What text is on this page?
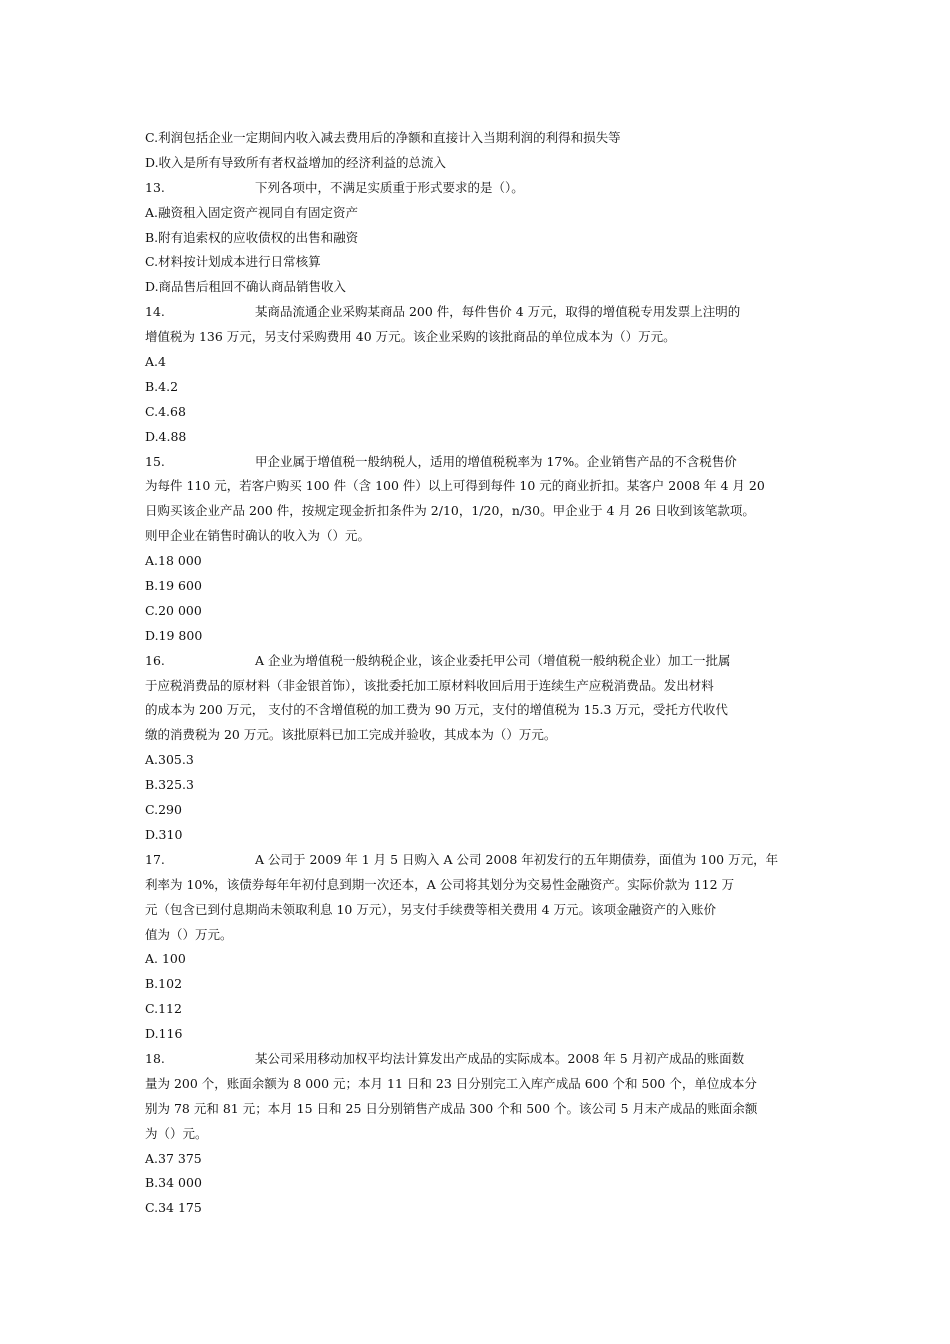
C.利润包括企业一定期间内收入减去费用后的净额和直接计入当期利润的利得和损失等
D.收入是所有导致所有者权益增加的经济利益的总流入
13.	下列各项中，不满足实质重于形式要求的是（）。
A.融资租入固定资产视同自有固定资产
B.附有追索权的应收债权的出售和融资
C.材料按计划成本进行日常核算
D.商品售后租回不确认商品销售收入
14.	某商品流通企业采购某商品 200 件，每件售价 4 万元，取得的增值税专用发票上注明的
增值税为 136 万元，另支付采购费用 40 万元。该企业采购的该批商品的单位成本为（）万元。
A.4
B.4.2
C.4.68
D.4.88
15.	甲企业属于增值税一般纳税人，适用的增值税税率为 17%。企业销售产品的不含税售价
为每件 110 元，若客户购买 100 件（含 100 件）以上可得到每件 10 元的商业折扣。某客户 2008 年 4 月 20
日购买该企业产品 200 件，按规定现金折扣条件为 2/10，1/20，n/30。甲企业于 4 月 26 日收到该笔款项。
则甲企业在销售时确认的收入为（）元。
A.18 000
B.19 600
C.20 000
D.19 800
16.	A 企业为增值税一般纳税企业，该企业委托甲公司（增值税一般纳税企业）加工一批属
于应税消费品的原材料（非金银首饰），该批委托加工原材料收回后用于连续生产应税消费品。发出材料
的成本为 200 万元， 支付的不含增值税的加工费为 90 万元，支付的增值税为 15.3 万元，受托方代收代
缴的消费税为 20 万元。该批原料已加工完成并验收，其成本为（）万元。
A.305.3
B.325.3
C.290
D.310
17.	A 公司于 2009 年 1 月 5 日购入 A 公司 2008 年初发行的五年期债券，面值为 100 万元，年
利率为 10%，该债券每年年初付息到期一次还本，A 公司将其划分为交易性金融资产。实际价款为 112 万
元（包含已到付息期尚未领取利息 10 万元），另支付手续费等相关费用 4 万元。该项金融资产的入账价
值为（）万元。
A. 100
B.102
C.112
D.116
18.	某公司采用移动加权平均法计算发出产成品的实际成本。2008 年 5 月初产成品的账面数
量为 200 个，账面余额为 8 000 元；本月 11 日和 23 日分别完工入库产成品 600 个和 500 个，单位成本分
别为 78 元和 81 元；本月 15 日和 25 日分别销售产成品 300 个和 500 个。该公司 5 月末产成品的账面余额
为（）元。
A.37 375
B.34 000
C.34 175
